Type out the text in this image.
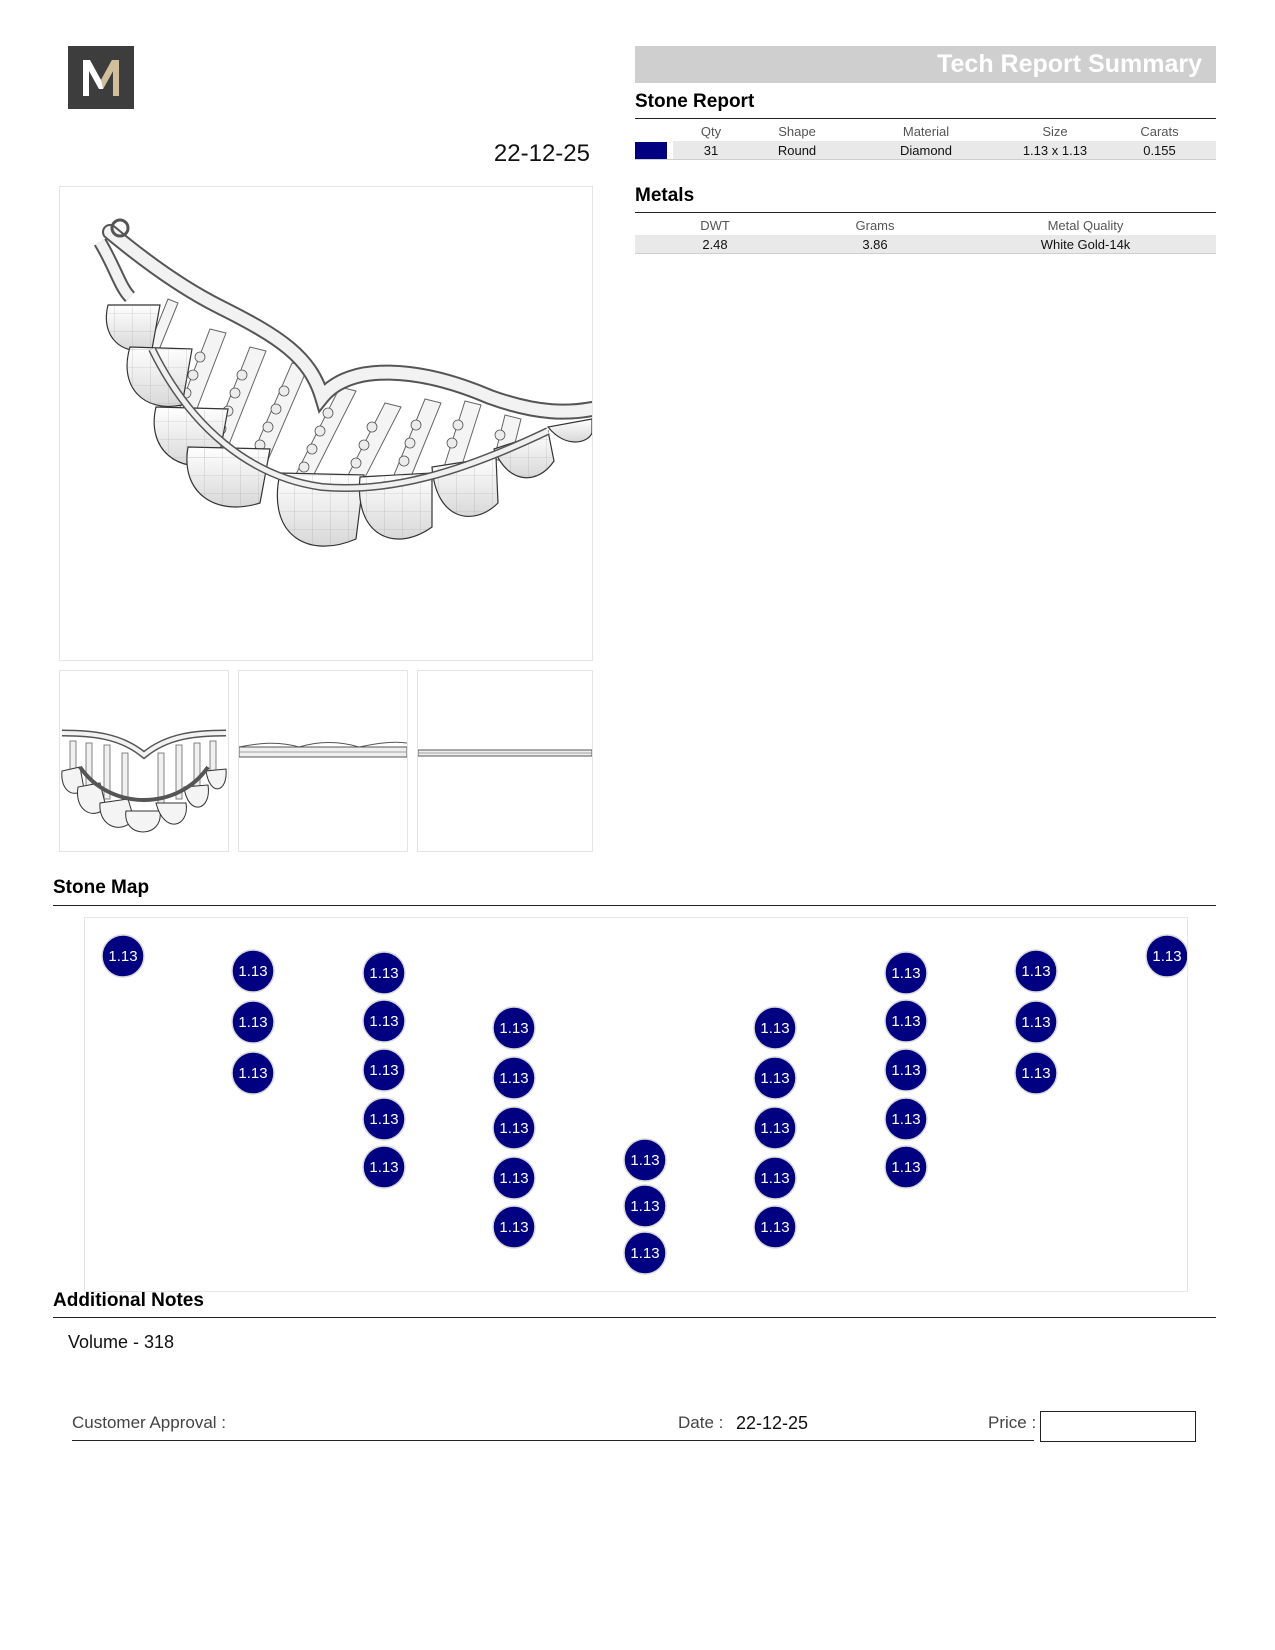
22-12-25
Tech Report Summary
Stone Report
	Qty	Shape	Material	Size	Carats

	31	Round	Diamond	1.13 x 1.13	0.155
Metals
DWT	Grams	Metal Quality
2.48	3.86	White Gold-14k
Stone Map
1.13
1.13
1.13
1.13
1.13
1.13
1.13
1.13
1.13
1.13
1.13
1.13
1.13
1.13
1.13
1.13
1.13
1.13
1.13
1.13
1.13
1.13
1.13
1.13
1.13
1.13
1.13
1.13
1.13
1.13
1.13
Additional Notes
Volume - 318
Customer Approval :	Date : 22-12-25	Price :
